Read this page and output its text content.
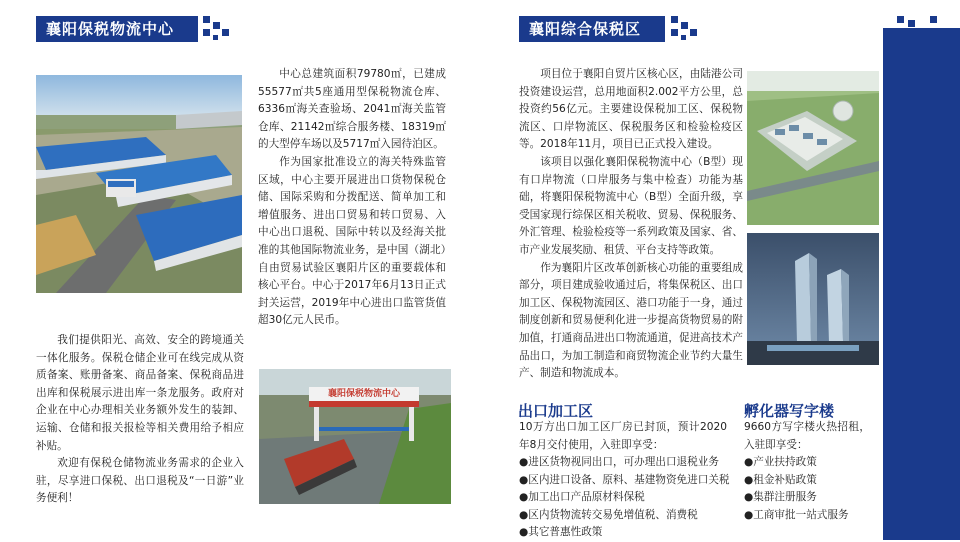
襄阳保税物流中心

中心总建筑面积79780㎡，已建成55577㎡共5座通用型保税物流仓库、6336㎡海关查验场、2041㎡海关监管仓库、21142㎡综合服务楼、18319㎡的大型停车场以及5717㎡入园待泊区。

作为国家批准设立的海关特殊监管区域，中心主要开展进出口货物保税仓储、国际采购和分拨配送、简单加工和增值服务、进出口贸易和转口贸易、入中心出口退税、国际中转以及经海关批准的其他国际物流业务，是中国（湖北）自由贸易试验区襄阳片区的重要载体和核心平台。中心于2017年6月13日正式封关运营，2019年中心进出口监管货值超30亿元人民币。

我们提供阳光、高效、安全的跨境通关一体化服务。保税仓储企业可在线完成从资质备案、账册备案、商品备案、保税商品进出库和保税展示进出库一条龙服务。政府对企业在中心办理相关业务额外发生的装卸、运输、仓储和报关报检等相关费用给予相应补贴。

欢迎有保税仓储物流业务需求的企业入驻，尽享进口保税、出口退税及“一日游”业务便利！

襄阳保税物流中心
襄阳综合保税区

项目位于襄阳自贸片区核心区，由陆港公司投资建设运营，总用地面积2.002平方公里，总投资约56亿元。主要建设保税加工区、保税物流区、口岸物流区、保税服务区和检验检疫区等。2018年11月，项目已正式投入建设。

该项目以强化襄阳保税物流中心（B型）现有口岸物流（口岸服务与集中检查）功能为基础，将襄阳保税物流中心（B型）全面升级，享受国家现行综保区相关税收、贸易、保税服务、外汇管理、检验检疫等一系列政策及国家、省、市产业发展奖励、租赁、平台支持等政策。

作为襄阳片区改革创新核心功能的重要组成部分，项目建成验收通过后，将集保税区、出口加工区、保税物流园区、港口功能于一身，通过制度创新和贸易便利化进一步提高货物贸易的附加值，打通商品进出口物流通道，促进高技术产品出口，为加工制造和商贸物流企业节约大量生产、制造和物流成本。

出口加工区
10万方出口加工区厂房已封顶，预计2020年8月交付使用，入驻即享受：
●进区货物视同出口，可办理出口退税业务
●区内进口设备、原料、基建物资免进口关税
●加工出口产品原材料保税
●区内货物流转交易免增值税、消费税
●其它普惠性政策
孵化器写字楼
9660方写字楼火热招租，入驻即享受：
●产业扶持政策
●租金补贴政策
●集群注册服务
●工商审批一站式服务
